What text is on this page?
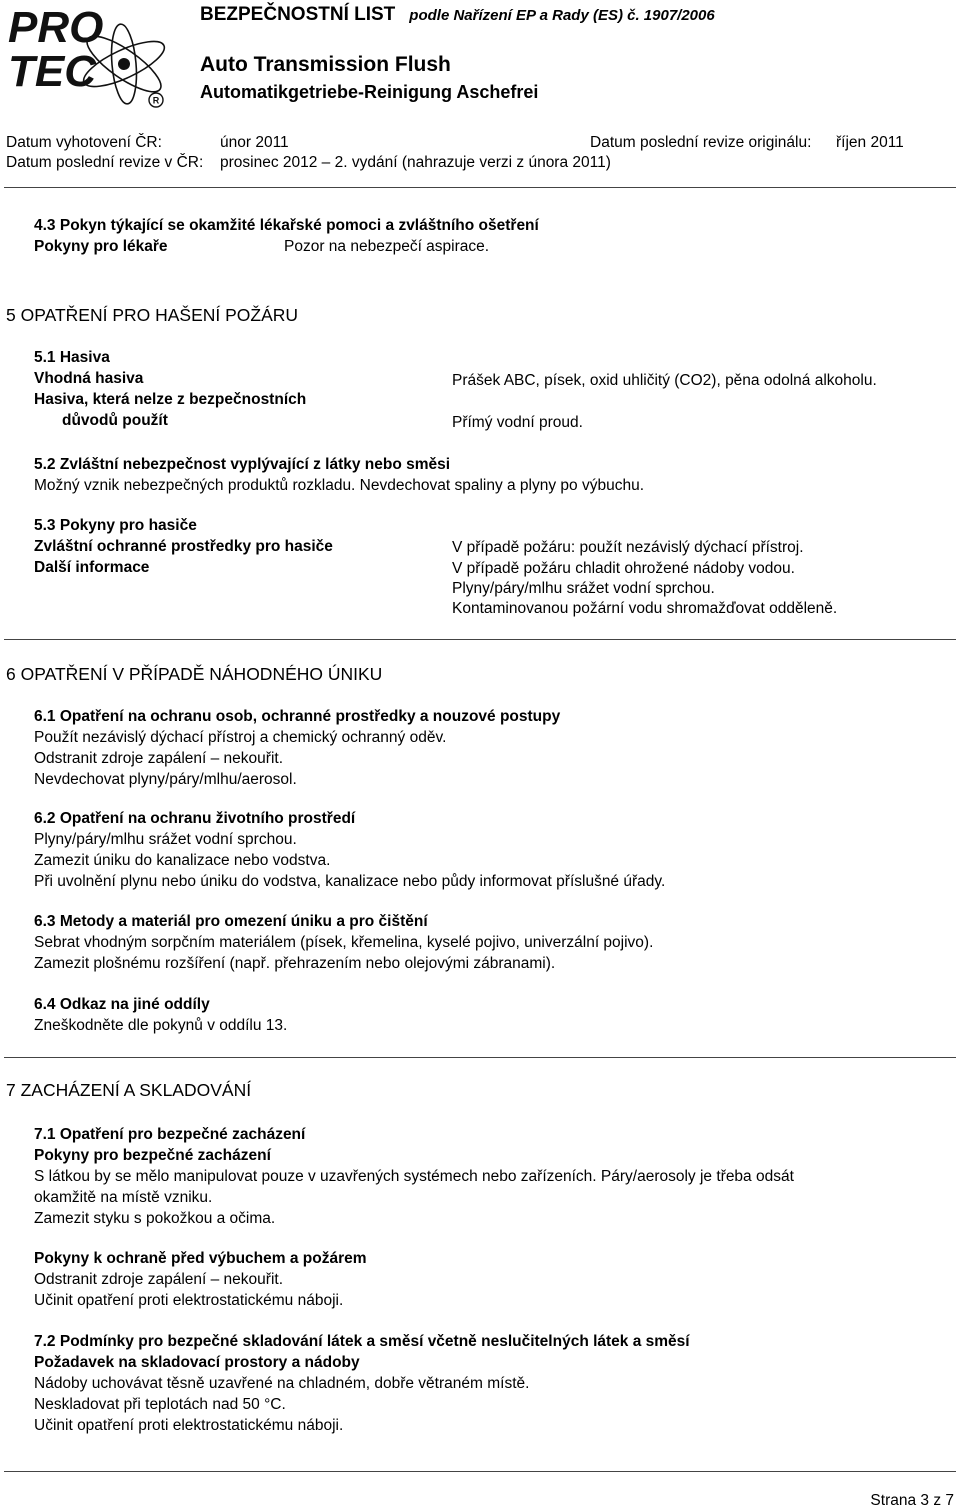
R
PRO
TEC
BEZPEČNOSTNÍ LIST podle Nařízení EP a Rady (ES) č. 1907/2006
Auto Transmission Flush
Automatikgetriebe-Reinigung Aschefrei
Datum vyhotovení ČR:	únor 2011	Datum poslední revize originálu: říjen 2011
Datum poslední revize v ČR: prosinec 2012 – 2. vydání (nahrazuje verzi z února 2011)
4.3 Pokyn týkající se okamžité lékařské pomoci a zvláštního ošetření
Pokyny pro lékaře	Pozor na nebezpečí aspirace.
5 OPATŘENÍ PRO HAŠENÍ POŽÁRU
5.1 Hasiva
Vhodná hasiva	Prášek ABC, písek, oxid uhličitý (CO2), pěna odolná alkoholu.
Hasiva, která nelze z bezpečnostních
důvodů použít	Přímý vodní proud.
5.2 Zvláštní nebezpečnost vyplývající z látky nebo směsi
Možný vznik nebezpečných produktů rozkladu. Nevdechovat spaliny a plyny po výbuchu.
5.3 Pokyny pro hasiče
Zvláštní ochranné prostředky pro hasiče	V případě požáru: použít nezávislý dýchací přístroj.
Další informace	V případě požáru chladit ohrožené nádoby vodou.
Plyny/páry/mlhu srážet vodní sprchou.
Kontaminovanou požární vodu shromažďovat odděleně.
6 OPATŘENÍ V PŘÍPADĚ NÁHODNÉHO ÚNIKU
6.1 Opatření na ochranu osob, ochranné prostředky a nouzové postupy
Použít nezávislý dýchací přístroj a chemický ochranný oděv.
Odstranit zdroje zapálení – nekouřit.
Nevdechovat plyny/páry/mlhu/aerosol.
6.2 Opatření na ochranu životního prostředí
Plyny/páry/mlhu srážet vodní sprchou.
Zamezit úniku do kanalizace nebo vodstva.
Při uvolnění plynu nebo úniku do vodstva, kanalizace nebo půdy informovat příslušné úřady.
6.3 Metody a materiál pro omezení úniku a pro čištění
Sebrat vhodným sorpčním materiálem (písek, křemelina, kyselé pojivo, univerzální pojivo).
Zamezit plošnému rozšíření (např. přehrazením nebo olejovými zábranami).
6.4 Odkaz na jiné oddíly
Zneškodněte dle pokynů v oddílu 13.
7 ZACHÁZENÍ A SKLADOVÁNÍ
7.1 Opatření pro bezpečné zacházení
Pokyny pro bezpečné zacházení
S látkou by se mělo manipulovat pouze v uzavřených systémech nebo zařízeních. Páry/aerosoly je třeba odsát
okamžitě na místě vzniku.
Zamezit styku s pokožkou a očima.
Pokyny k ochraně před výbuchem a požárem
Odstranit zdroje zapálení – nekouřit.
Učinit opatření proti elektrostatickému náboji.
7.2 Podmínky pro bezpečné skladování látek a směsí včetně neslučitelných látek a směsí
Požadavek na skladovací prostory a nádoby
Nádoby uchovávat těsně uzavřené na chladném, dobře větraném místě.
Neskladovat při teplotách nad 50 °C.
Učinit opatření proti elektrostatickému náboji.
Strana 3 z 7
